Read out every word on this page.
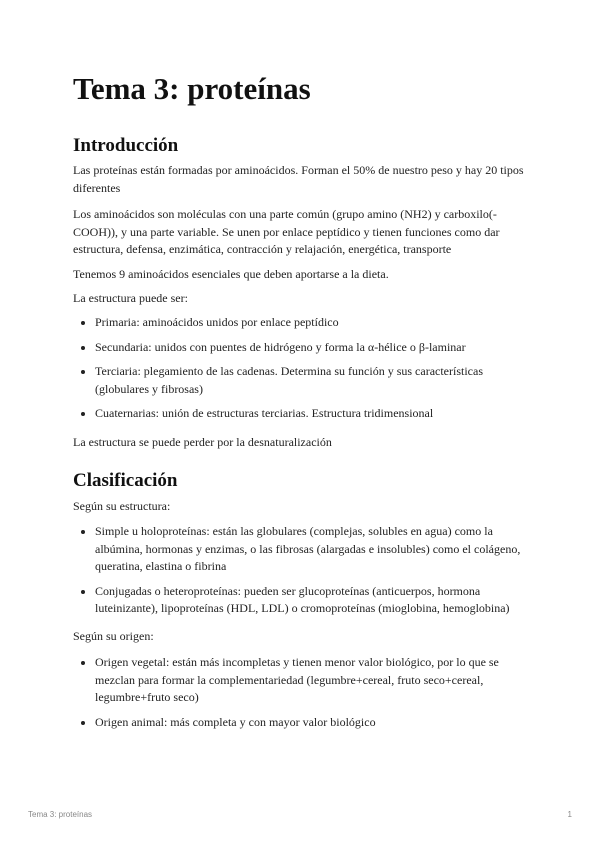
Tema 3: proteínas
Introducción

Las proteínas están formadas por aminoácidos. Forman el 50% de nuestro peso y hay 20 tipos diferentes

Los aminoácidos son moléculas con una parte común (grupo amino (NH2) y carboxilo(-COOH)), y una parte variable. Se unen por enlace peptídico y tienen funciones como dar estructura, defensa, enzimática, contracción y relajación, energética, transporte

Tenemos 9 aminoácidos esenciales que deben aportarse a la dieta.

La estructura puede ser:

Primaria: aminoácidos unidos por enlace peptídico
Secundaria: unidos con puentes de hidrógeno y forma la α-hélice o β-laminar
Terciaria: plegamiento de las cadenas. Determina su función y sus características (globulares y fibrosas)
Cuaternarias: unión de estructuras terciarias. Estructura tridimensional

La estructura se puede perder por la desnaturalización

Clasificación

Según su estructura:

Simple u holoproteínas: están las globulares (complejas, solubles en agua) como la albúmina, hormonas y enzimas, o las fibrosas (alargadas e insolubles) como el colágeno, queratina, elastina o fibrina
Conjugadas o heteroproteínas: pueden ser glucoproteínas (anticuerpos, hormona luteinizante), lipoproteínas (HDL, LDL) o cromoproteínas (mioglobina, hemoglobina)

Según su origen:

Origen vegetal: están más incompletas y tienen menor valor biológico, por lo que se mezclan para formar la complementariedad (legumbre+cereal, fruto seco+cereal, legumbre+fruto seco)
Origen animal: más completa y con mayor valor biológico
Tema 3: proteínas	1
